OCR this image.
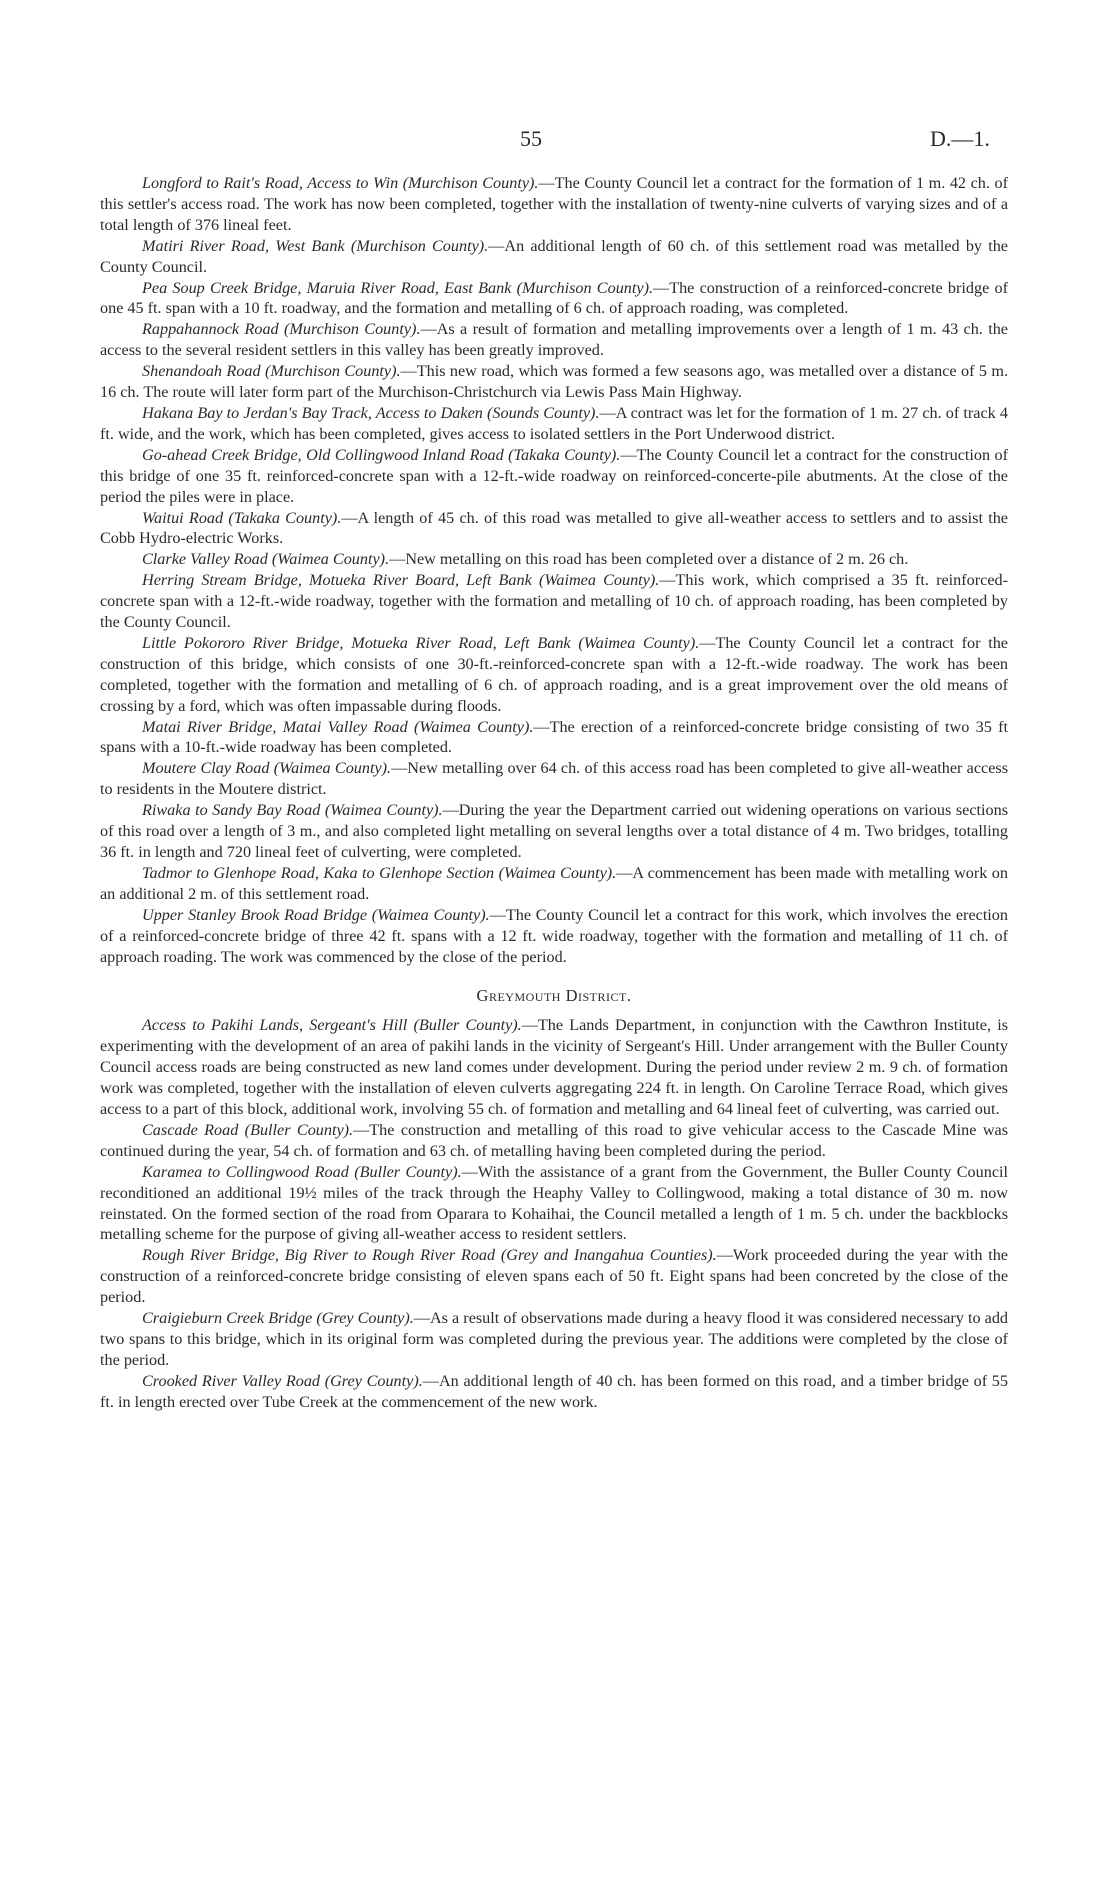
55	D.—1.

Longford to Rait's Road, Access to Win (Murchison County).—The County Council let a contract for the formation of 1 m. 42 ch. of this settler's access road. The work has now been completed, together with the installation of twenty-nine culverts of varying sizes and of a total length of 376 lineal feet.

Matiri River Road, West Bank (Murchison County).—An additional length of 60 ch. of this settlement road was metalled by the County Council.

Pea Soup Creek Bridge, Maruia River Road, East Bank (Murchison County).—The construction of a reinforced-concrete bridge of one 45 ft. span with a 10 ft. roadway, and the formation and metalling of 6 ch. of approach roading, was completed.

Rappahannock Road (Murchison County).—As a result of formation and metalling improvements over a length of 1 m. 43 ch. the access to the several resident settlers in this valley has been greatly improved.

Shenandoah Road (Murchison County).—This new road, which was formed a few seasons ago, was metalled over a distance of 5 m. 16 ch. The route will later form part of the Murchison-Christchurch via Lewis Pass Main Highway.

Hakana Bay to Jerdan's Bay Track, Access to Daken (Sounds County).—A contract was let for the formation of 1 m. 27 ch. of track 4 ft. wide, and the work, which has been completed, gives access to isolated settlers in the Port Underwood district.

Go-ahead Creek Bridge, Old Collingwood Inland Road (Takaka County).—The County Council let a contract for the construction of this bridge of one 35 ft. reinforced-concrete span with a 12-ft.-wide roadway on reinforced-concerte-pile abutments. At the close of the period the piles were in place.

Waitui Road (Takaka County).—A length of 45 ch. of this road was metalled to give all-weather access to settlers and to assist the Cobb Hydro-electric Works.

Clarke Valley Road (Waimea County).—New metalling on this road has been completed over a distance of 2 m. 26 ch.

Herring Stream Bridge, Motueka River Board, Left Bank (Waimea County).—This work, which comprised a 35 ft. reinforced-concrete span with a 12-ft.-wide roadway, together with the formation and metalling of 10 ch. of approach roading, has been completed by the County Council.

Little Pokororo River Bridge, Motueka River Road, Left Bank (Waimea County).—The County Council let a contract for the construction of this bridge, which consists of one 30-ft.-reinforced-concrete span with a 12-ft.-wide roadway. The work has been completed, together with the formation and metalling of 6 ch. of approach roading, and is a great improvement over the old means of crossing by a ford, which was often impassable during floods.

Matai River Bridge, Matai Valley Road (Waimea County).—The erection of a reinforced-concrete bridge consisting of two 35 ft spans with a 10-ft.-wide roadway has been completed.

Moutere Clay Road (Waimea County).—New metalling over 64 ch. of this access road has been completed to give all-weather access to residents in the Moutere district.

Riwaka to Sandy Bay Road (Waimea County).—During the year the Department carried out widening operations on various sections of this road over a length of 3 m., and also completed light metalling on several lengths over a total distance of 4 m. Two bridges, totalling 36 ft. in length and 720 lineal feet of culverting, were completed.

Tadmor to Glenhope Road, Kaka to Glenhope Section (Waimea County).—A commencement has been made with metalling work on an additional 2 m. of this settlement road.

Upper Stanley Brook Road Bridge (Waimea County).—The County Council let a contract for this work, which involves the erection of a reinforced-concrete bridge of three 42 ft. spans with a 12 ft. wide roadway, together with the formation and metalling of 11 ch. of approach roading. The work was commenced by the close of the period.

Greymouth District.

Access to Pakihi Lands, Sergeant's Hill (Buller County).—The Lands Department, in conjunction with the Cawthron Institute, is experimenting with the development of an area of pakihi lands in the vicinity of Sergeant's Hill. Under arrangement with the Buller County Council access roads are being constructed as new land comes under development. During the period under review 2 m. 9 ch. of formation work was completed, together with the installation of eleven culverts aggregating 224 ft. in length. On Caroline Terrace Road, which gives access to a part of this block, additional work, involving 55 ch. of formation and metalling and 64 lineal feet of culverting, was carried out.

Cascade Road (Buller County).—The construction and metalling of this road to give vehicular access to the Cascade Mine was continued during the year, 54 ch. of formation and 63 ch. of metalling having been completed during the period.

Karamea to Collingwood Road (Buller County).—With the assistance of a grant from the Government, the Buller County Council reconditioned an additional 19½ miles of the track through the Heaphy Valley to Collingwood, making a total distance of 30 m. now reinstated. On the formed section of the road from Oparara to Kohaihai, the Council metalled a length of 1 m. 5 ch. under the backblocks metalling scheme for the purpose of giving all-weather access to resident settlers.

Rough River Bridge, Big River to Rough River Road (Grey and Inangahua Counties).—Work proceeded during the year with the construction of a reinforced-concrete bridge consisting of eleven spans each of 50 ft. Eight spans had been concreted by the close of the period.

Craigieburn Creek Bridge (Grey County).—As a result of observations made during a heavy flood it was considered necessary to add two spans to this bridge, which in its original form was completed during the previous year. The additions were completed by the close of the period.

Crooked River Valley Road (Grey County).—An additional length of 40 ch. has been formed on this road, and a timber bridge of 55 ft. in length erected over Tube Creek at the commencement of the new work.
